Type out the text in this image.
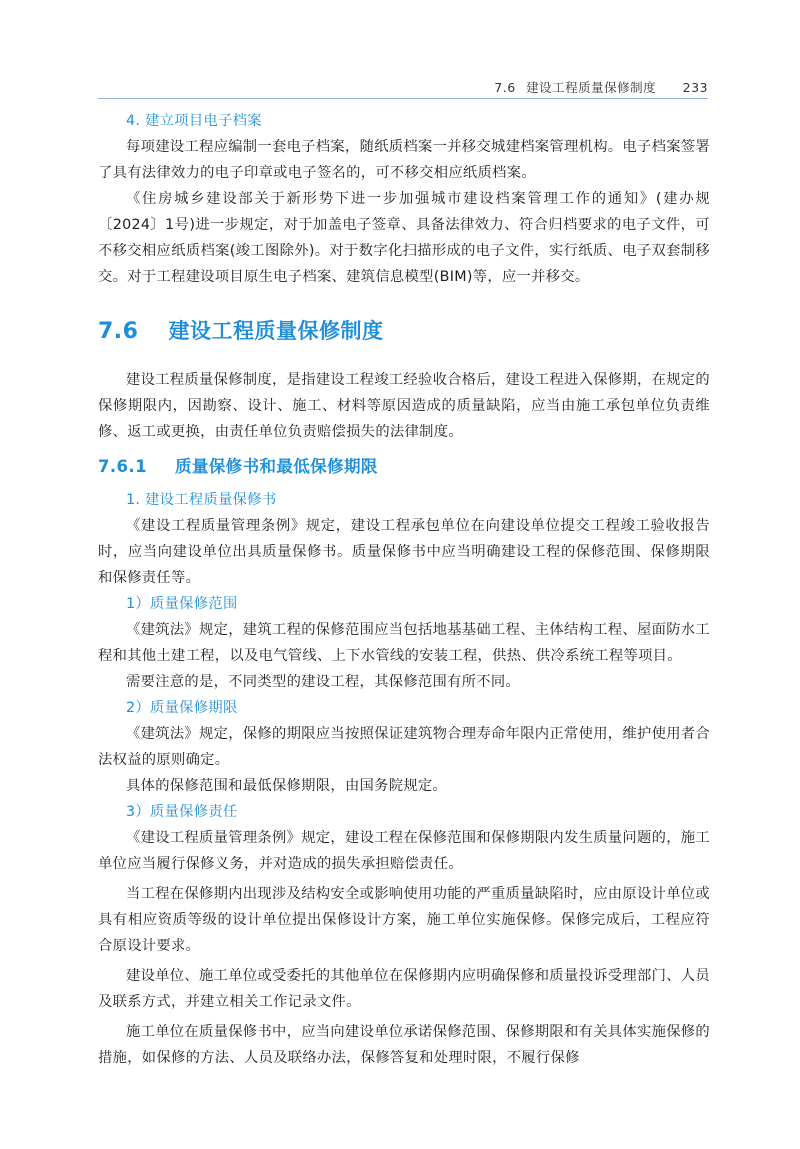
7.6 建设工程质量保修制度 233
4. 建立项目电子档案

每项建设工程应编制一套电子档案，随纸质档案一并移交城建档案管理机构。电子档案签署了具有法律效力的电子印章或电子签名的，可不移交相应纸质档案。

《住房城乡建设部关于新形势下进一步加强城市建设档案管理工作的通知》(建办规〔2024〕1号)进一步规定，对于加盖电子签章、具备法律效力、符合归档要求的电子文件，可不移交相应纸质档案(竣工图除外)。对于数字化扫描形成的电子文件，实行纸质、电子双套制移交。对于工程建设项目原生电子档案、建筑信息模型(BIM)等，应一并移交。

7.6 建设工程质量保修制度

建设工程质量保修制度，是指建设工程竣工经验收合格后，建设工程进入保修期，在规定的保修期限内，因勘察、设计、施工、材料等原因造成的质量缺陷，应当由施工承包单位负责维修、返工或更换，由责任单位负责赔偿损失的法律制度。

7.6.1 质量保修书和最低保修期限
1. 建设工程质量保修书

《建设工程质量管理条例》规定，建设工程承包单位在向建设单位提交工程竣工验收报告时，应当向建设单位出具质量保修书。质量保修书中应当明确建设工程的保修范围、保修期限和保修责任等。

1）质量保修范围

《建筑法》规定，建筑工程的保修范围应当包括地基基础工程、主体结构工程、屋面防水工程和其他土建工程，以及电气管线、上下水管线的安装工程，供热、供冷系统工程等项目。

需要注意的是，不同类型的建设工程，其保修范围有所不同。

2）质量保修期限

《建筑法》规定，保修的期限应当按照保证建筑物合理寿命年限内正常使用，维护使用者合法权益的原则确定。

具体的保修范围和最低保修期限，由国务院规定。

3）质量保修责任

《建设工程质量管理条例》规定，建设工程在保修范围和保修期限内发生质量问题的，施工单位应当履行保修义务，并对造成的损失承担赔偿责任。

当工程在保修期内出现涉及结构安全或影响使用功能的严重质量缺陷时，应由原设计单位或具有相应资质等级的设计单位提出保修设计方案，施工单位实施保修。保修完成后，工程应符合原设计要求。

建设单位、施工单位或受委托的其他单位在保修期内应明确保修和质量投诉受理部门、人员及联系方式，并建立相关工作记录文件。

施工单位在质量保修书中，应当向建设单位承诺保修范围、保修期限和有关具体实施保修的措施，如保修的方法、人员及联络办法，保修答复和处理时限，不履行保修
